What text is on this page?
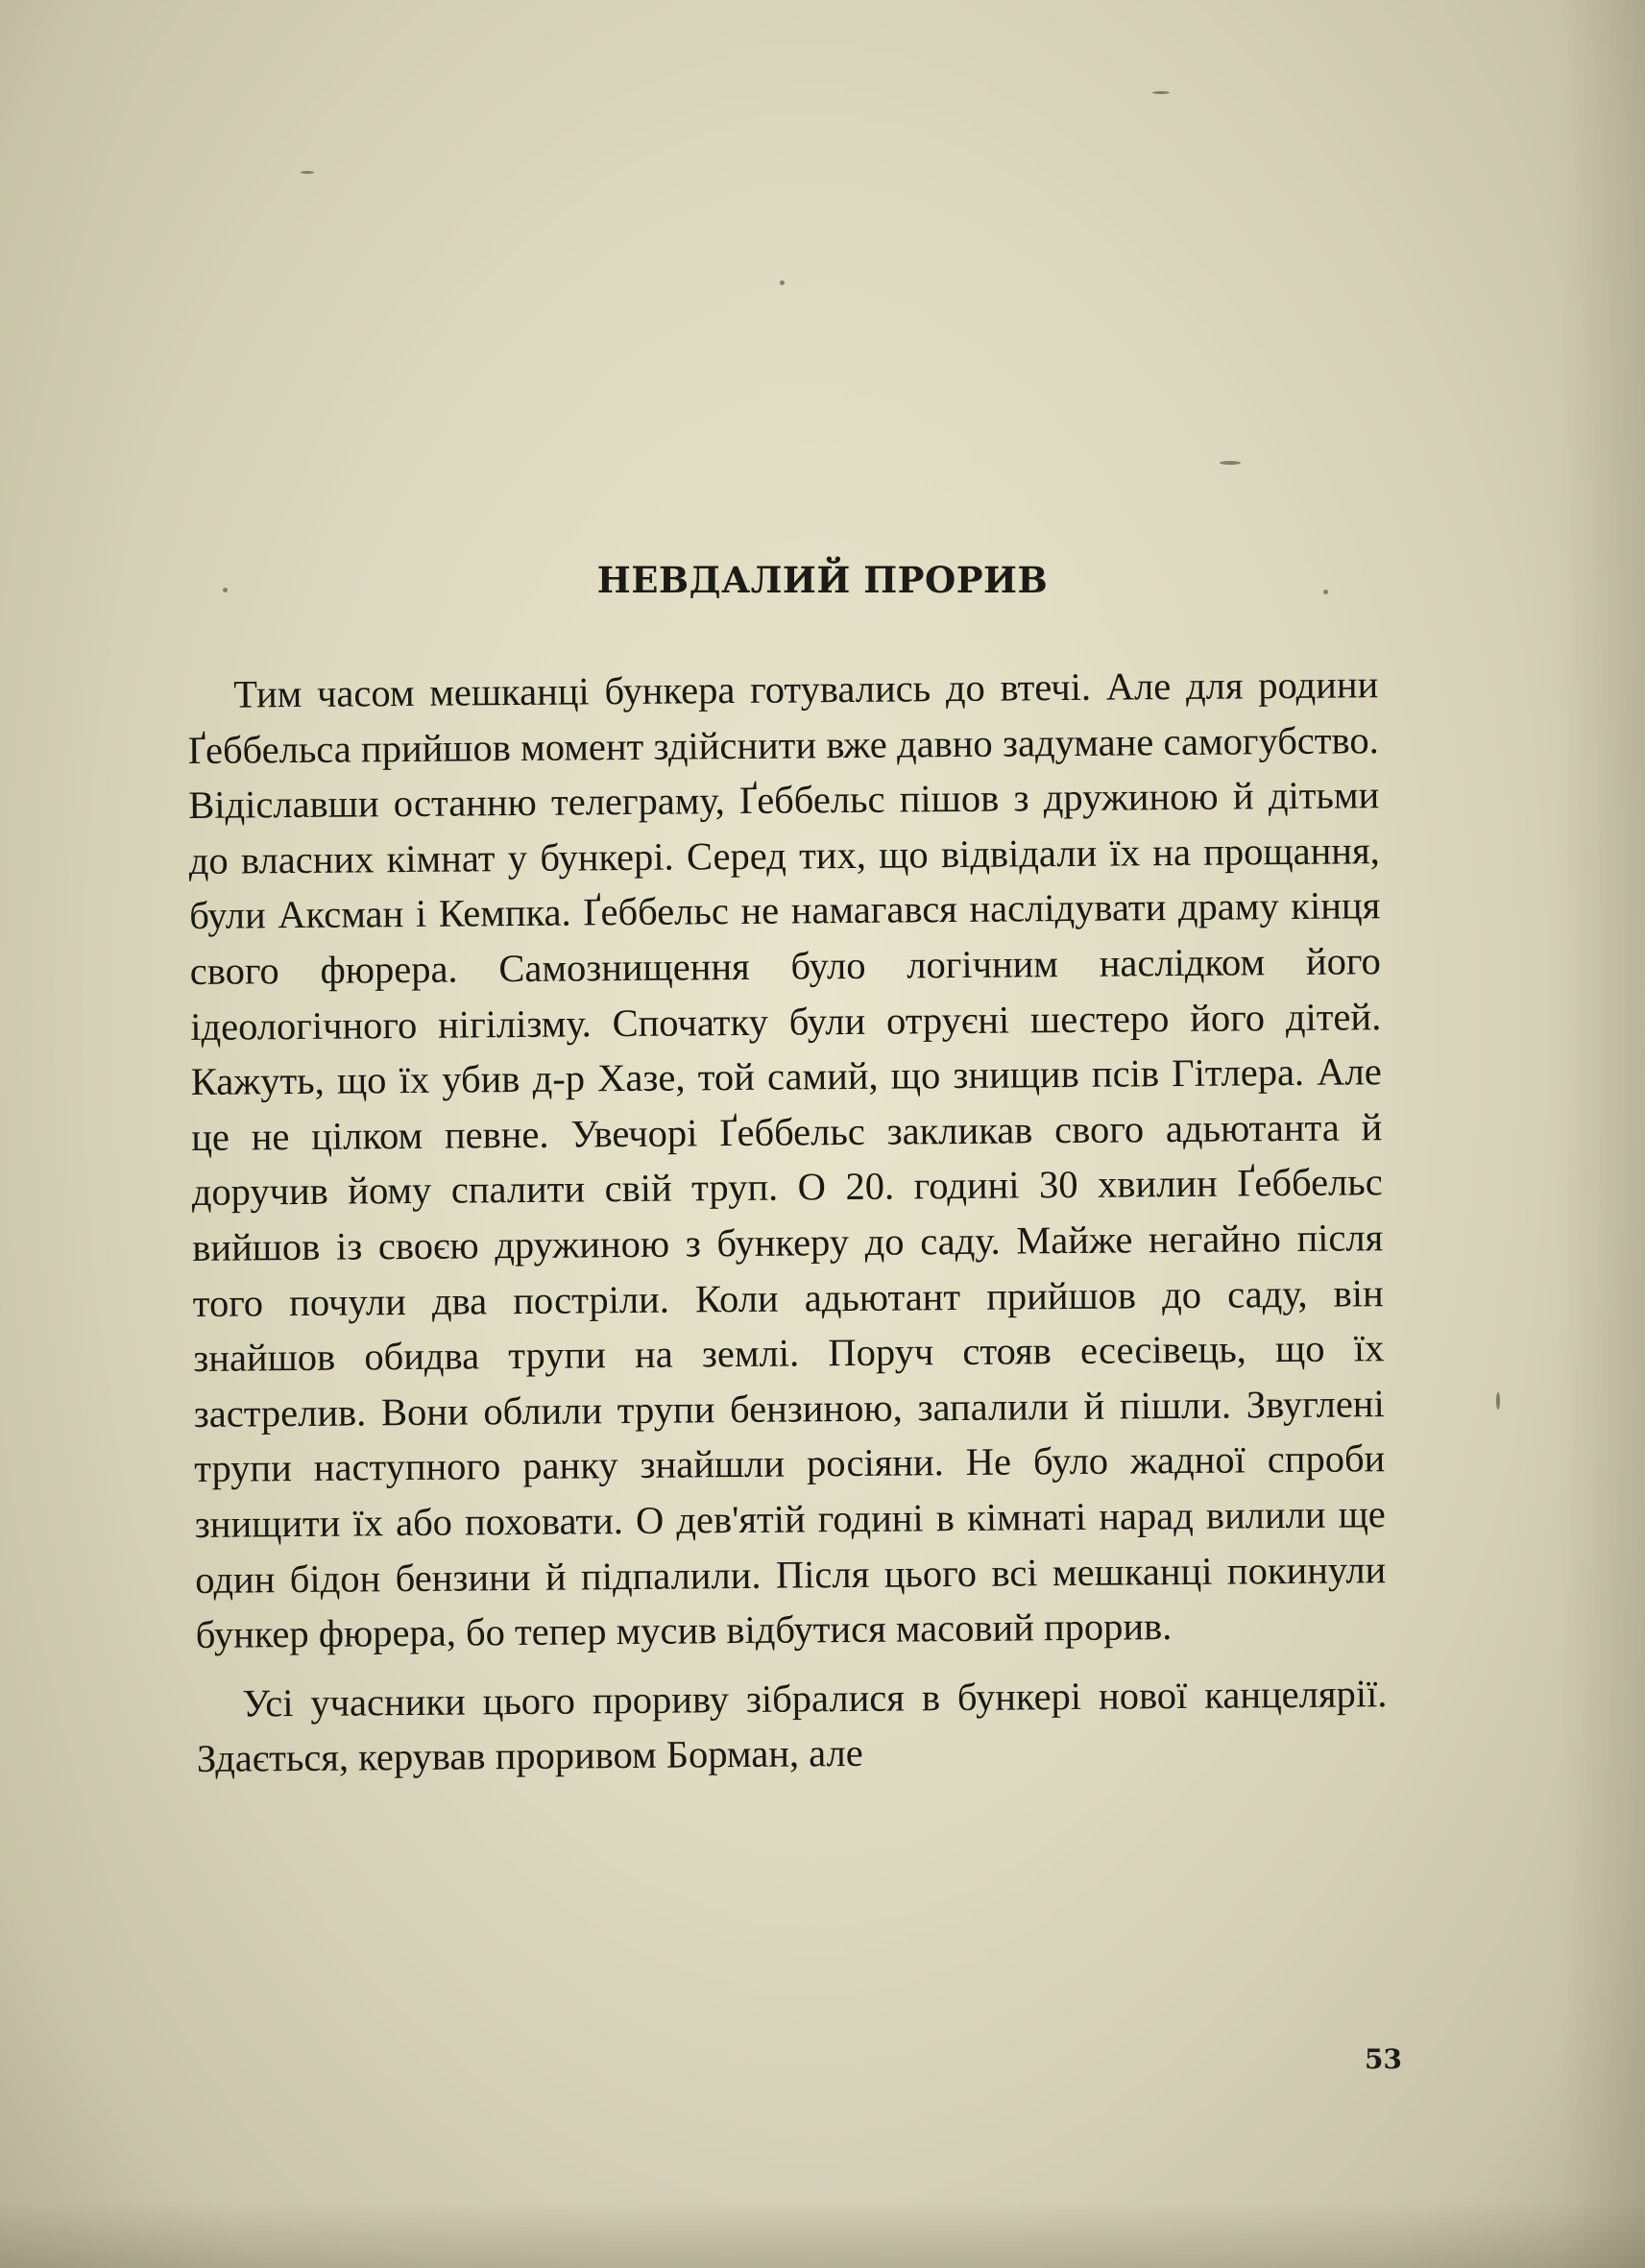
НЕВДАЛИЙ ПРОРИВ

Тим часом мешканці бункера готувались до втечі. Але для родини Ґеббельса прийшов момент здійснити вже давно задумане самогубство. Відіславши останню телеграму, Ґеббельс пішов з дружиною й дітьми до власних кімнат у бункері. Серед тих, що відвідали їх на прощання, були Аксман і Кемпка. Ґеббельс не намагався наслідувати драму кінця свого фюрера. Самознищення було логічним наслідком його ідеологічного нігілізму. Спочатку були отруєні шестеро його дітей. Кажуть, що їх убив д-р Хазе, той самий, що знищив псів Гітлера. Але це не цілком певне. Увечорі Ґеббельс закликав свого адьютанта й доручив йому спалити свій труп. О 20. годині 30 хвилин Ґеббельс вийшов із своєю дружиною з бункеру до саду. Майже негайно після того почули два постріли. Коли адьютант прийшов до саду, він знайшов обидва трупи на землі. Поруч стояв есесівець, що їх застрелив. Вони облили трупи бензиною, запалили й пішли. Звуглені трупи наступного ранку знайшли росіяни. Не було жадної спроби знищити їх або поховати. О дев'ятій годині в кімнаті нарад вилили ще один бідон бензини й підпалили. Після цього всі мешканці покинули бункер фюрера, бо тепер мусив відбутися масовий прорив.

Усі учасники цього прориву зібралися в бункері нової канцелярії. Здається, керував проривом Борман, але

53
